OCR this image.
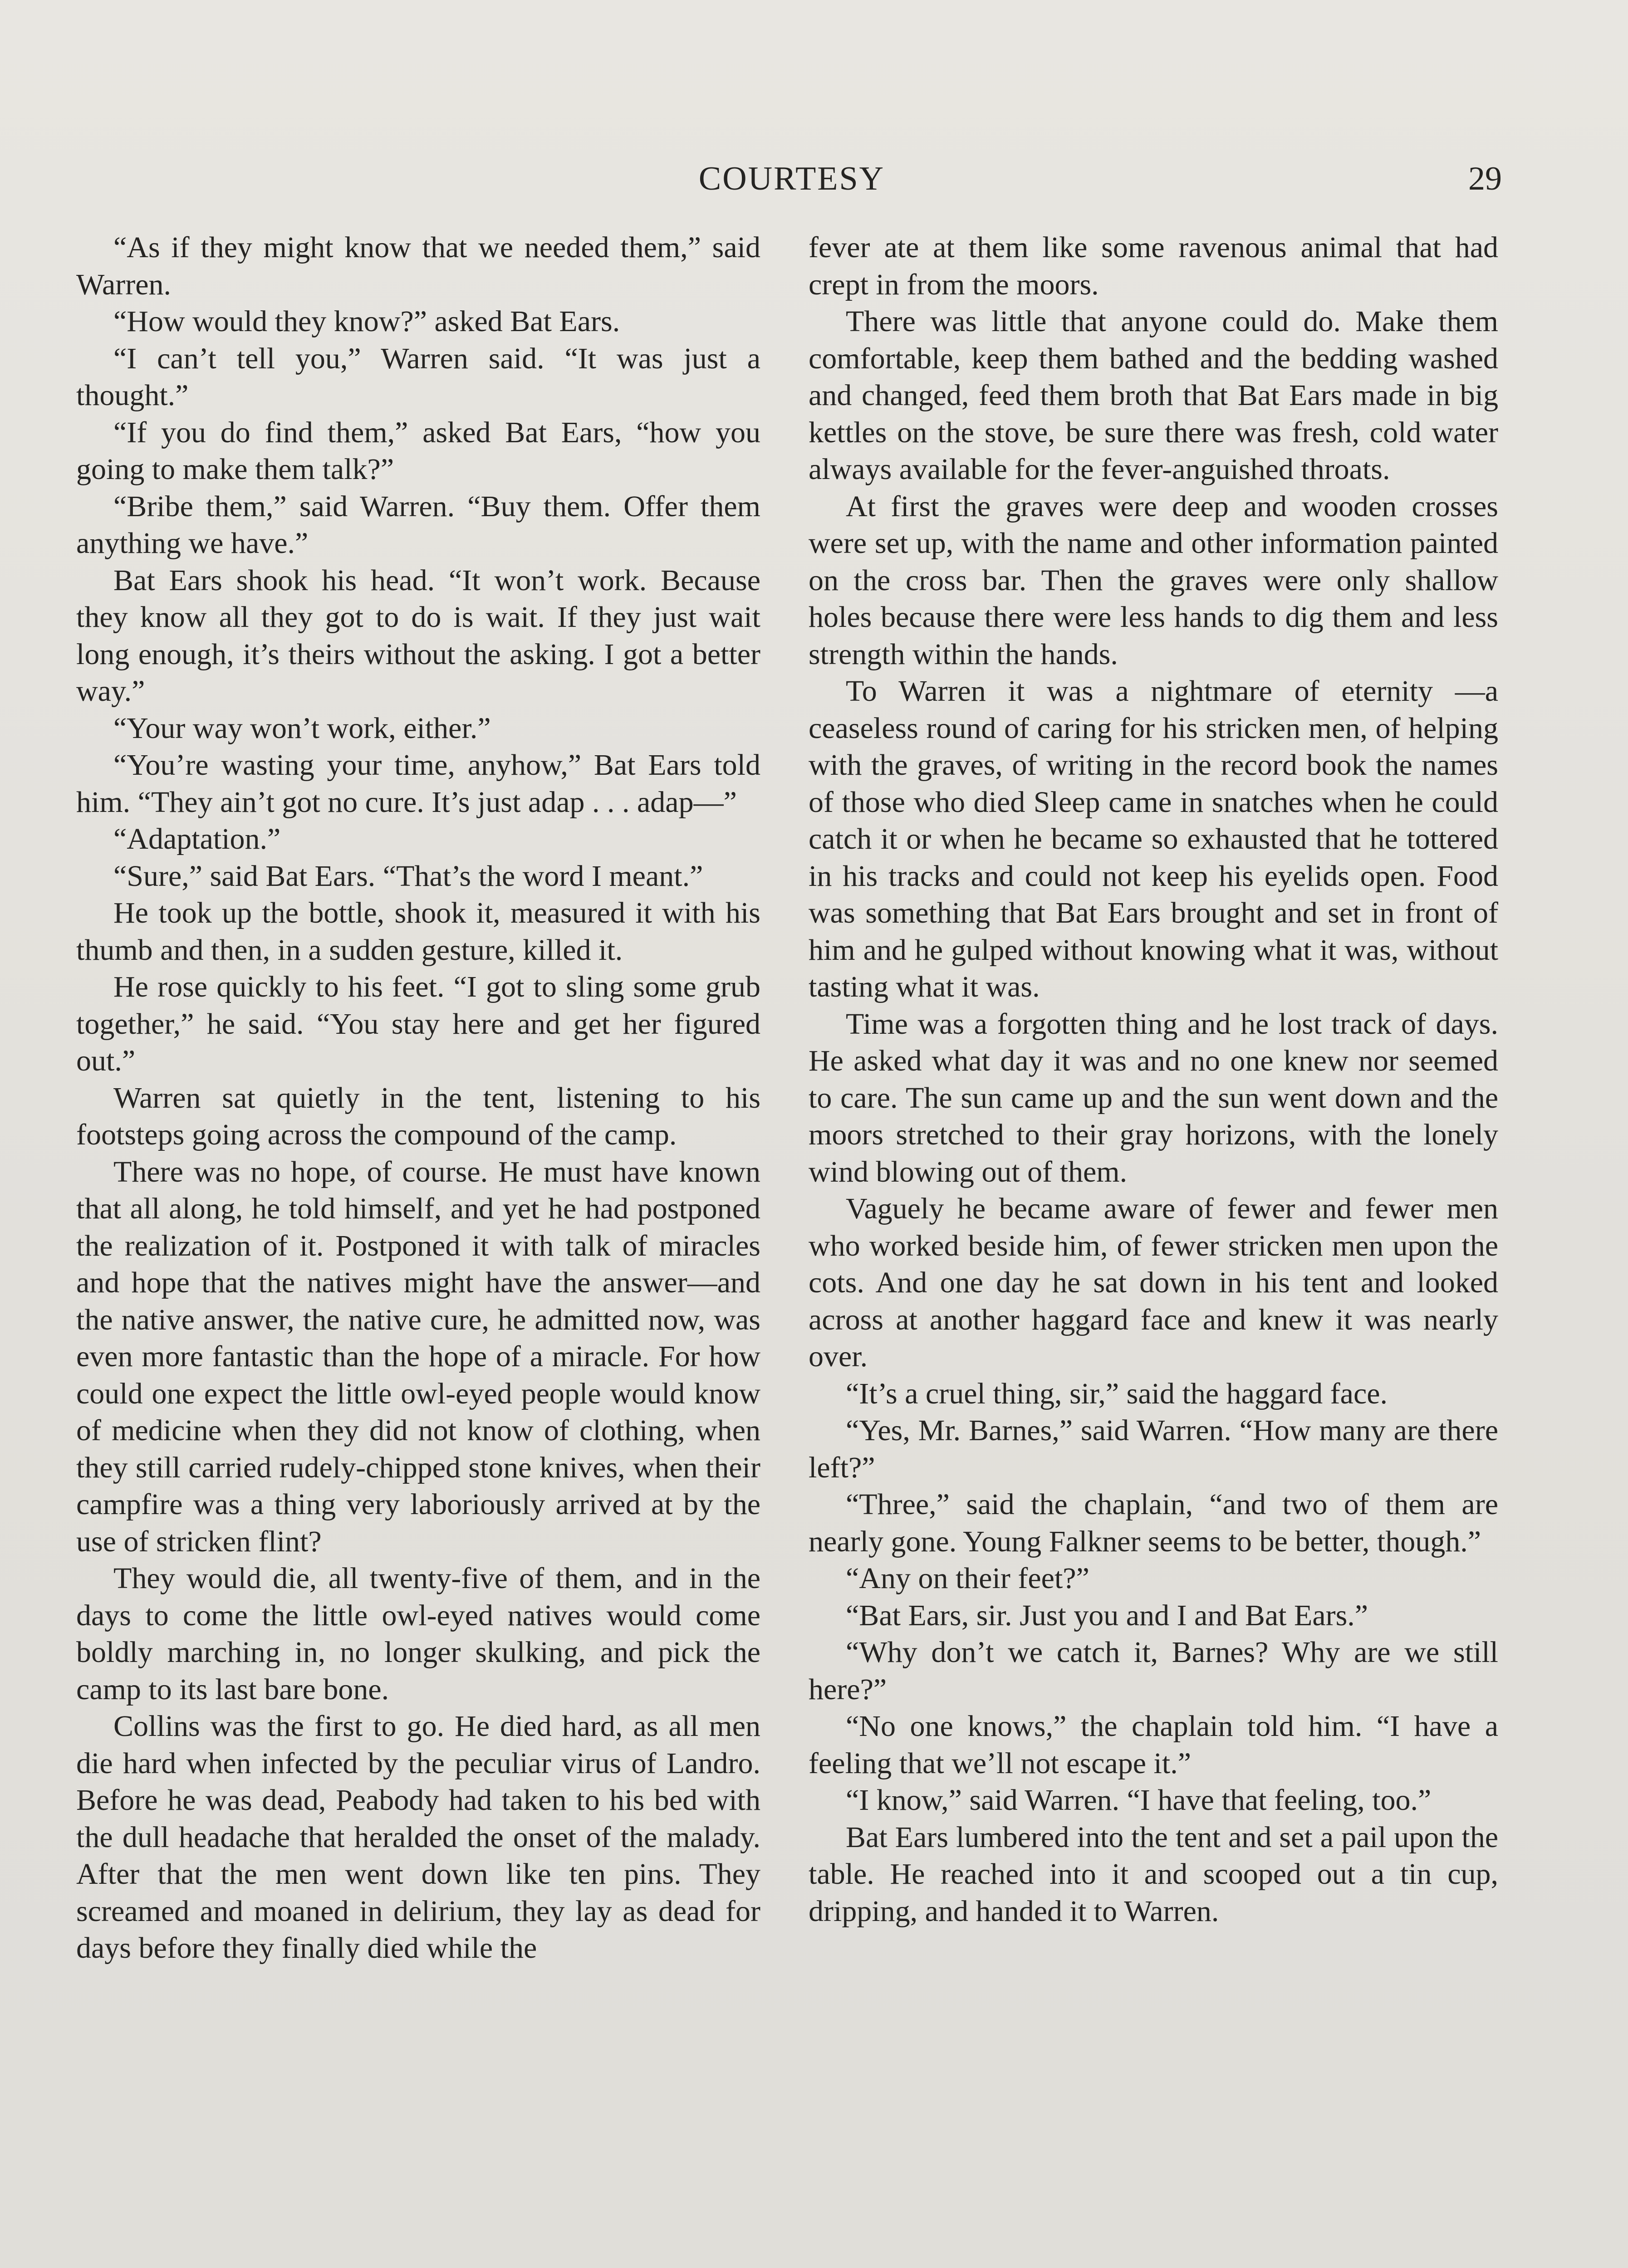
COURTESY	29

“As if they might know that we needed them,” said Warren.

“How would they know?” asked Bat Ears.

“I can’t tell you,” Warren said. “It was just a thought.”

“If you do find them,” asked Bat Ears, “how you going to make them talk?”

“Bribe them,” said Warren. “Buy them. Offer them anything we have.”

Bat Ears shook his head. “It won’t work. Because they know all they got to do is wait. If they just wait long enough, it’s theirs without the asking. I got a better way.”

“Your way won’t work, either.”

“You’re wasting your time, anyhow,” Bat Ears told him. “They ain’t got no cure. It’s just adap . . . adap—”

“Adaptation.”

“Sure,” said Bat Ears. “That’s the word I meant.”

He took up the bottle, shook it, measured it with his thumb and then, in a sudden gesture, killed it.

He rose quickly to his feet. “I got to sling some grub together,” he said. “You stay here and get her figured out.”

Warren sat quietly in the tent, listening to his footsteps going across the compound of the camp.

There was no hope, of course. He must have known that all along, he told himself, and yet he had postponed the realization of it. Postponed it with talk of miracles and hope that the natives might have the answer—and the native answer, the native cure, he admitted now, was even more fantastic than the hope of a miracle. For how could one expect the little owl-eyed people would know of medicine when they did not know of clothing, when they still carried rudely-chipped stone knives, when their campfire was a thing very laboriously arrived at by the use of stricken flint?

They would die, all twenty-five of them, and in the days to come the little owl-eyed natives would come boldly marching in, no longer skulking, and pick the camp to its last bare bone.

Collins was the first to go. He died hard, as all men die hard when infected by the peculiar virus of Landro. Before he was dead, Peabody had taken to his bed with the dull headache that heralded the onset of the malady. After that the men went down like ten pins. They screamed and moaned in delirium, they lay as dead for days before they finally died while the

fever ate at them like some ravenous animal that had crept in from the moors.

There was little that anyone could do. Make them comfortable, keep them bathed and the bedding washed and changed, feed them broth that Bat Ears made in big kettles on the stove, be sure there was fresh, cold water always available for the fever-anguished throats.

At first the graves were deep and wooden crosses were set up, with the name and other information painted on the cross bar. Then the graves were only shallow holes because there were less hands to dig them and less strength within the hands.

To Warren it was a nightmare of eternity —a ceaseless round of caring for his stricken men, of helping with the graves, of writing in the record book the names of those who died Sleep came in snatches when he could catch it or when he became so exhausted that he tottered in his tracks and could not keep his eyelids open. Food was something that Bat Ears brought and set in front of him and he gulped without knowing what it was, without tasting what it was.

Time was a forgotten thing and he lost track of days. He asked what day it was and no one knew nor seemed to care. The sun came up and the sun went down and the moors stretched to their gray horizons, with the lonely wind blowing out of them.

Vaguely he became aware of fewer and fewer men who worked beside him, of fewer stricken men upon the cots. And one day he sat down in his tent and looked across at another haggard face and knew it was nearly over.

“It’s a cruel thing, sir,” said the haggard face.

“Yes, Mr. Barnes,” said Warren. “How many are there left?”

“Three,” said the chaplain, “and two of them are nearly gone. Young Falkner seems to be better, though.”

“Any on their feet?”

“Bat Ears, sir. Just you and I and Bat Ears.”

“Why don’t we catch it, Barnes? Why are we still here?”

“No one knows,” the chaplain told him. “I have a feeling that we’ll not escape it.”

“I know,” said Warren. “I have that feeling, too.”

Bat Ears lumbered into the tent and set a pail upon the table. He reached into it and scooped out a tin cup, dripping, and handed it to Warren.
